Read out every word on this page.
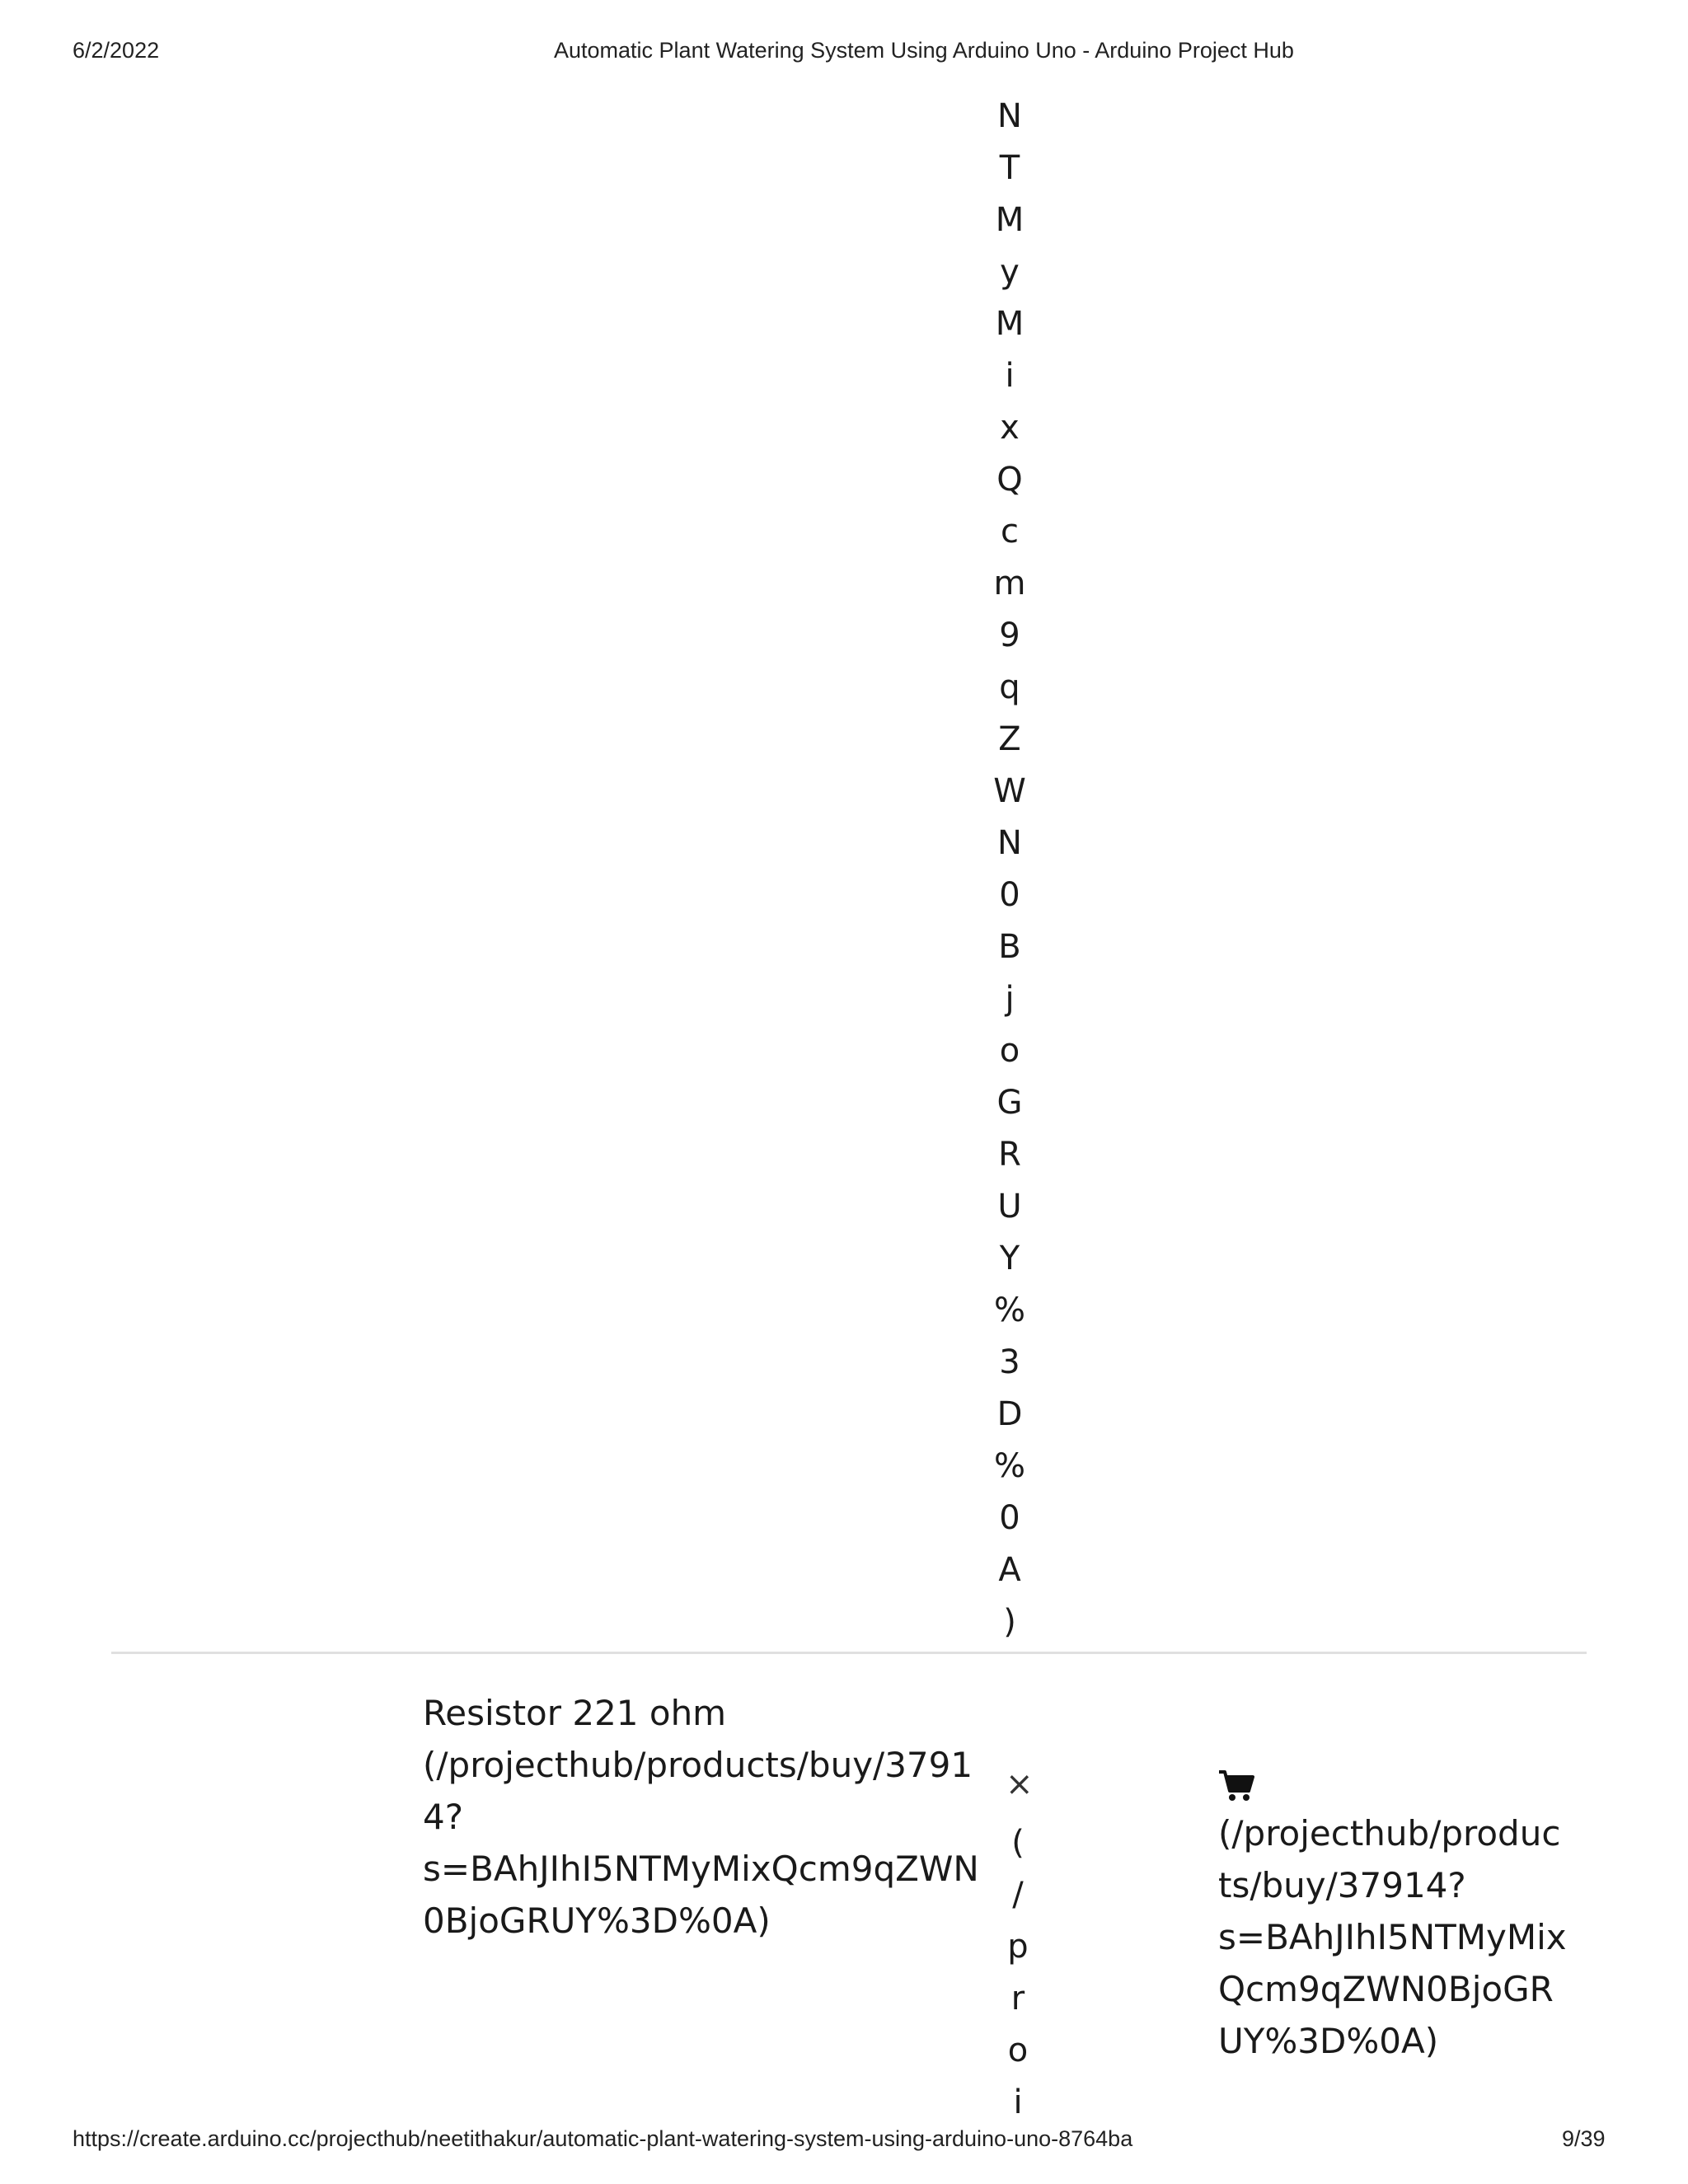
6/2/2022	Automatic Plant Watering System Using Arduino Uno - Arduino Project Hub
N
T
M
y
M
i
x
Q
c
m
9
q
Z
W
N
0
B
j
o
G
R
U
Y
%
3
D
%
0
A
)
Resistor 221 ohm
(/projecthub/products/buy/3791
4?
s=BAhJIhI5NTMyMixQcm9qZWN
0BjoGRUY%3D%0A)
×
(
/
p
r
o
i
(/projecthub/produc
ts/buy/37914?
s=BAhJIhI5NTMyMix
Qcm9qZWN0BjoGR
UY%3D%0A)
https://create.arduino.cc/projecthub/neetithakur/automatic-plant-watering-system-using-arduino-uno-8764ba	9/39
